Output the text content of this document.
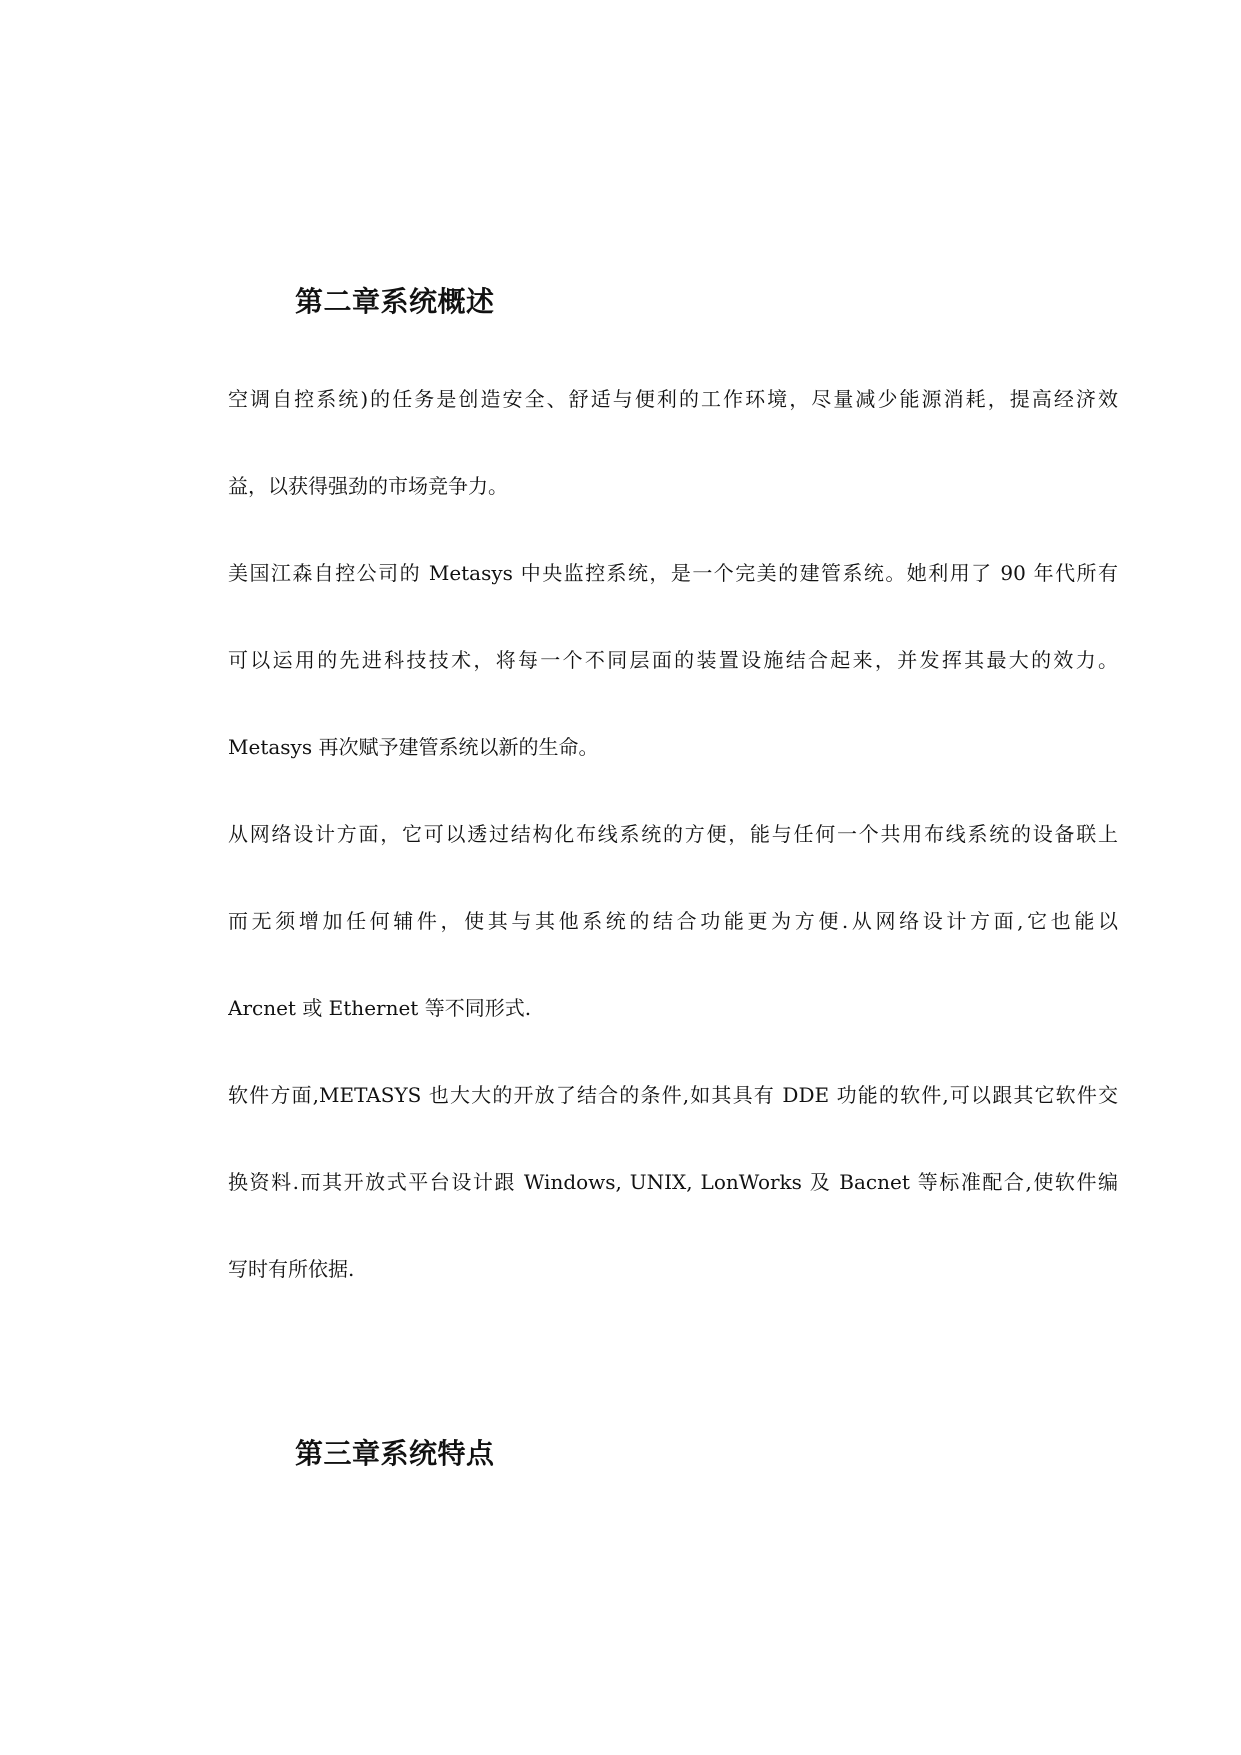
第二章系统概述

空调自控系统)的任务是创造安全、舒适与便利的工作环境，尽量减少能源消耗，提高经济效

益，以获得强劲的市场竞争力。

美国江森自控公司的 Metasys 中央监控系统，是一个完美的建管系统。她利用了 90 年代所有

可以运用的先进科技技术，将每一个不同层面的装置设施结合起来，并发挥其最大的效力。

Metasys 再次赋予建管系统以新的生命。

从网络设计方面，它可以透过结构化布线系统的方便，能与任何一个共用布线系统的设备联上

而无须增加任何辅件，使其与其他系统的结合功能更为方便.从网络设计方面,它也能以

Arcnet 或 Ethernet 等不同形式.

软件方面,METASYS 也大大的开放了结合的条件,如其具有 DDE 功能的软件,可以跟其它软件交

换资料.而其开放式平台设计跟 Windows, UNIX, LonWorks 及 Bacnet 等标准配合,使软件编

写时有所依据.

第三章系统特点
